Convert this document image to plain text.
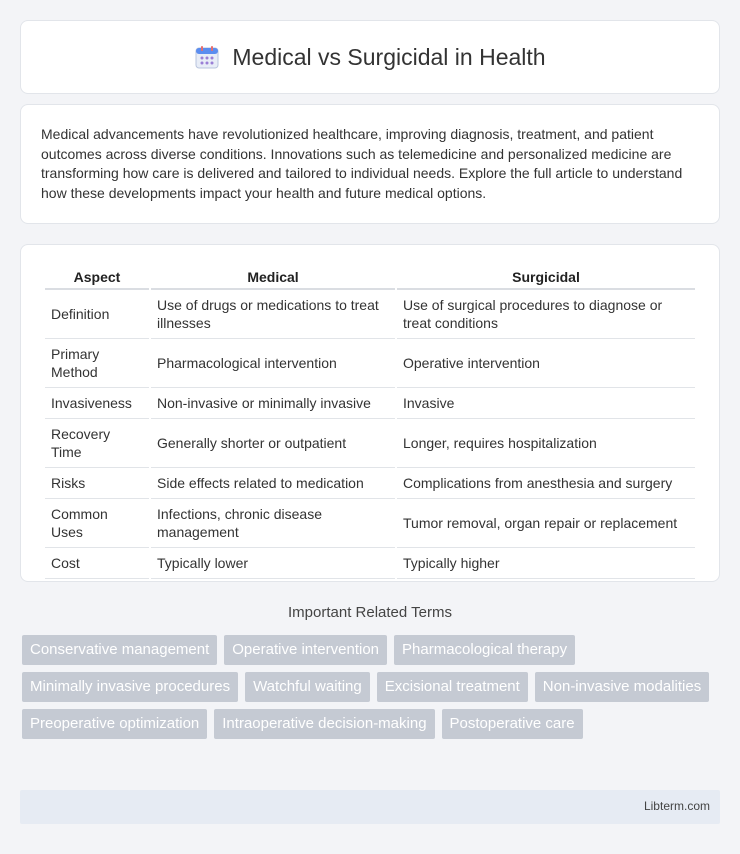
Medical vs Surgicidal in Health

Medical advancements have revolutionized healthcare, improving diagnosis, treatment, and patient outcomes across diverse conditions. Innovations such as telemedicine and personalized medicine are transforming how care is delivered and tailored to individual needs. Explore the full article to understand how these developments impact your health and future medical options.

Aspect	Medical	Surgicidal
Definition	Use of drugs or medications to treat illnesses	Use of surgical procedures to diagnose or treat conditions
Primary Method	Pharmacological intervention	Operative intervention
Invasiveness	Non-invasive or minimally invasive	Invasive
Recovery Time	Generally shorter or outpatient	Longer, requires hospitalization
Risks	Side effects related to medication	Complications from anesthesia and surgery
Common Uses	Infections, chronic disease management	Tumor removal, organ repair or replacement
Cost	Typically lower	Typically higher
Important Related Terms
Conservative management	Operative intervention	Pharmacological therapy
Minimally invasive procedures	Watchful waiting	Excisional treatment	Non-invasive modalities
Preoperative optimization	Intraoperative decision-making	Postoperative care
Libterm.com
